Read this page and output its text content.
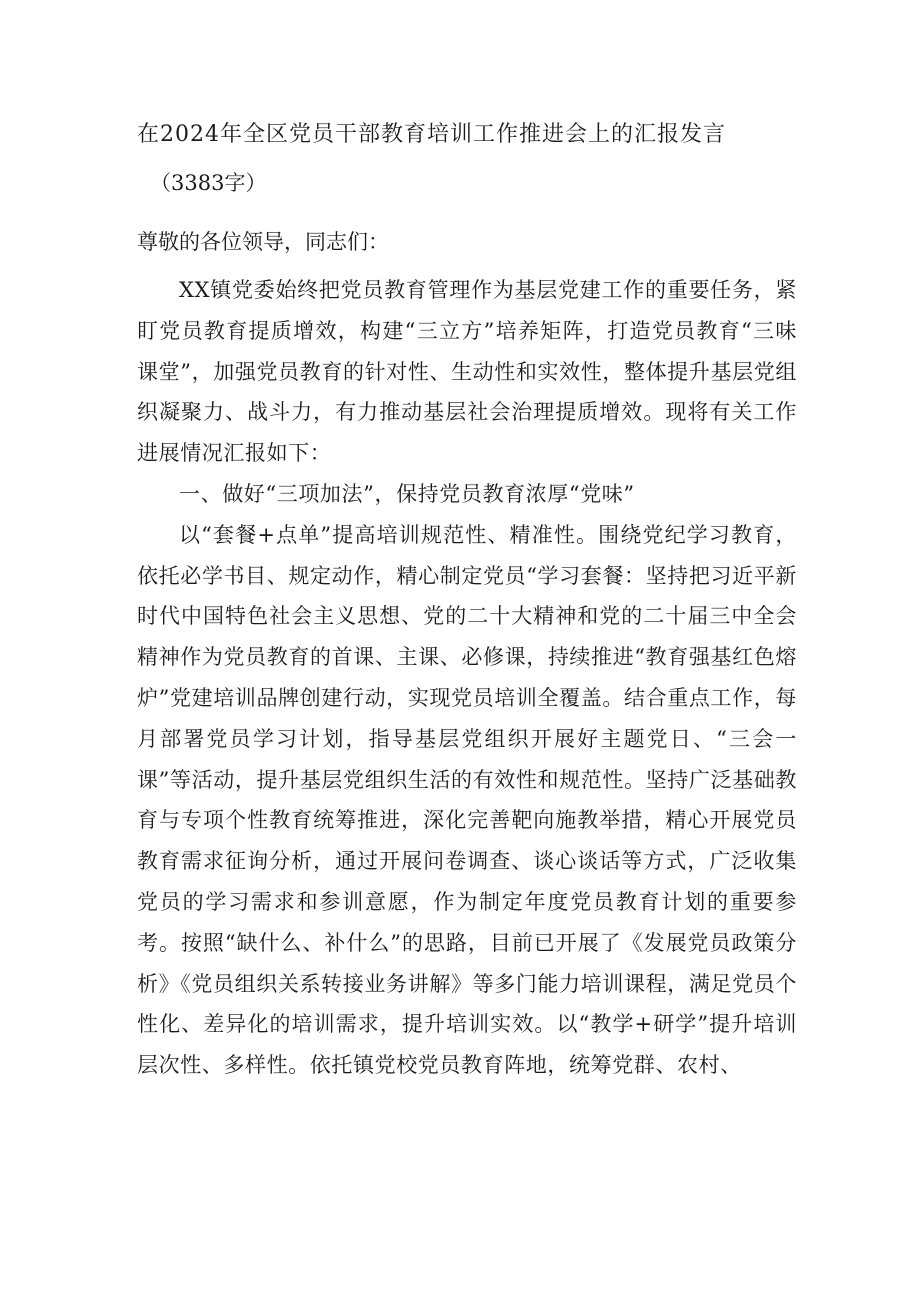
在2024年全区党员干部教育培训工作推进会上的汇报发言
（3383字）
尊敬的各位领导，同志们：

XX镇党委始终把党员教育管理作为基层党建工作的重要任务，紧盯党员教育提质增效，构建“三立方”培养矩阵，打造党员教育“三味课堂”，加强党员教育的针对性、生动性和实效性，整体提升基层党组织凝聚力、战斗力，有力推动基层社会治理提质增效。现将有关工作进展情况汇报如下：

一、做好“三项加法”，保持党员教育浓厚“党味”

以“套餐+点单”提高培训规范性、精准性。围绕党纪学习教育，依托必学书目、规定动作，精心制定党员“学习套餐：坚持把习近平新时代中国特色社会主义思想、党的二十大精神和党的二十届三中全会精神作为党员教育的首课、主课、必修课，持续推进“教育强基红色熔炉”党建培训品牌创建行动，实现党员培训全覆盖。结合重点工作，每月部署党员学习计划，指导基层党组织开展好主题党日、“三会一课”等活动，提升基层党组织生活的有效性和规范性。坚持广泛基础教育与专项个性教育统筹推进，深化完善靶向施教举措，精心开展党员教育需求征询分析，通过开展问卷调查、谈心谈话等方式，广泛收集党员的学习需求和参训意愿，作为制定年度党员教育计划的重要参考。按照“缺什么、补什么”的思路，目前已开展了《发展党员政策分析》《党员组织关系转接业务讲解》等多门能力培训课程，满足党员个性化、差异化的培训需求，提升培训实效。以“教学+研学”提升培训层次性、多样性。依托镇党校党员教育阵地，统筹党群、农村、
